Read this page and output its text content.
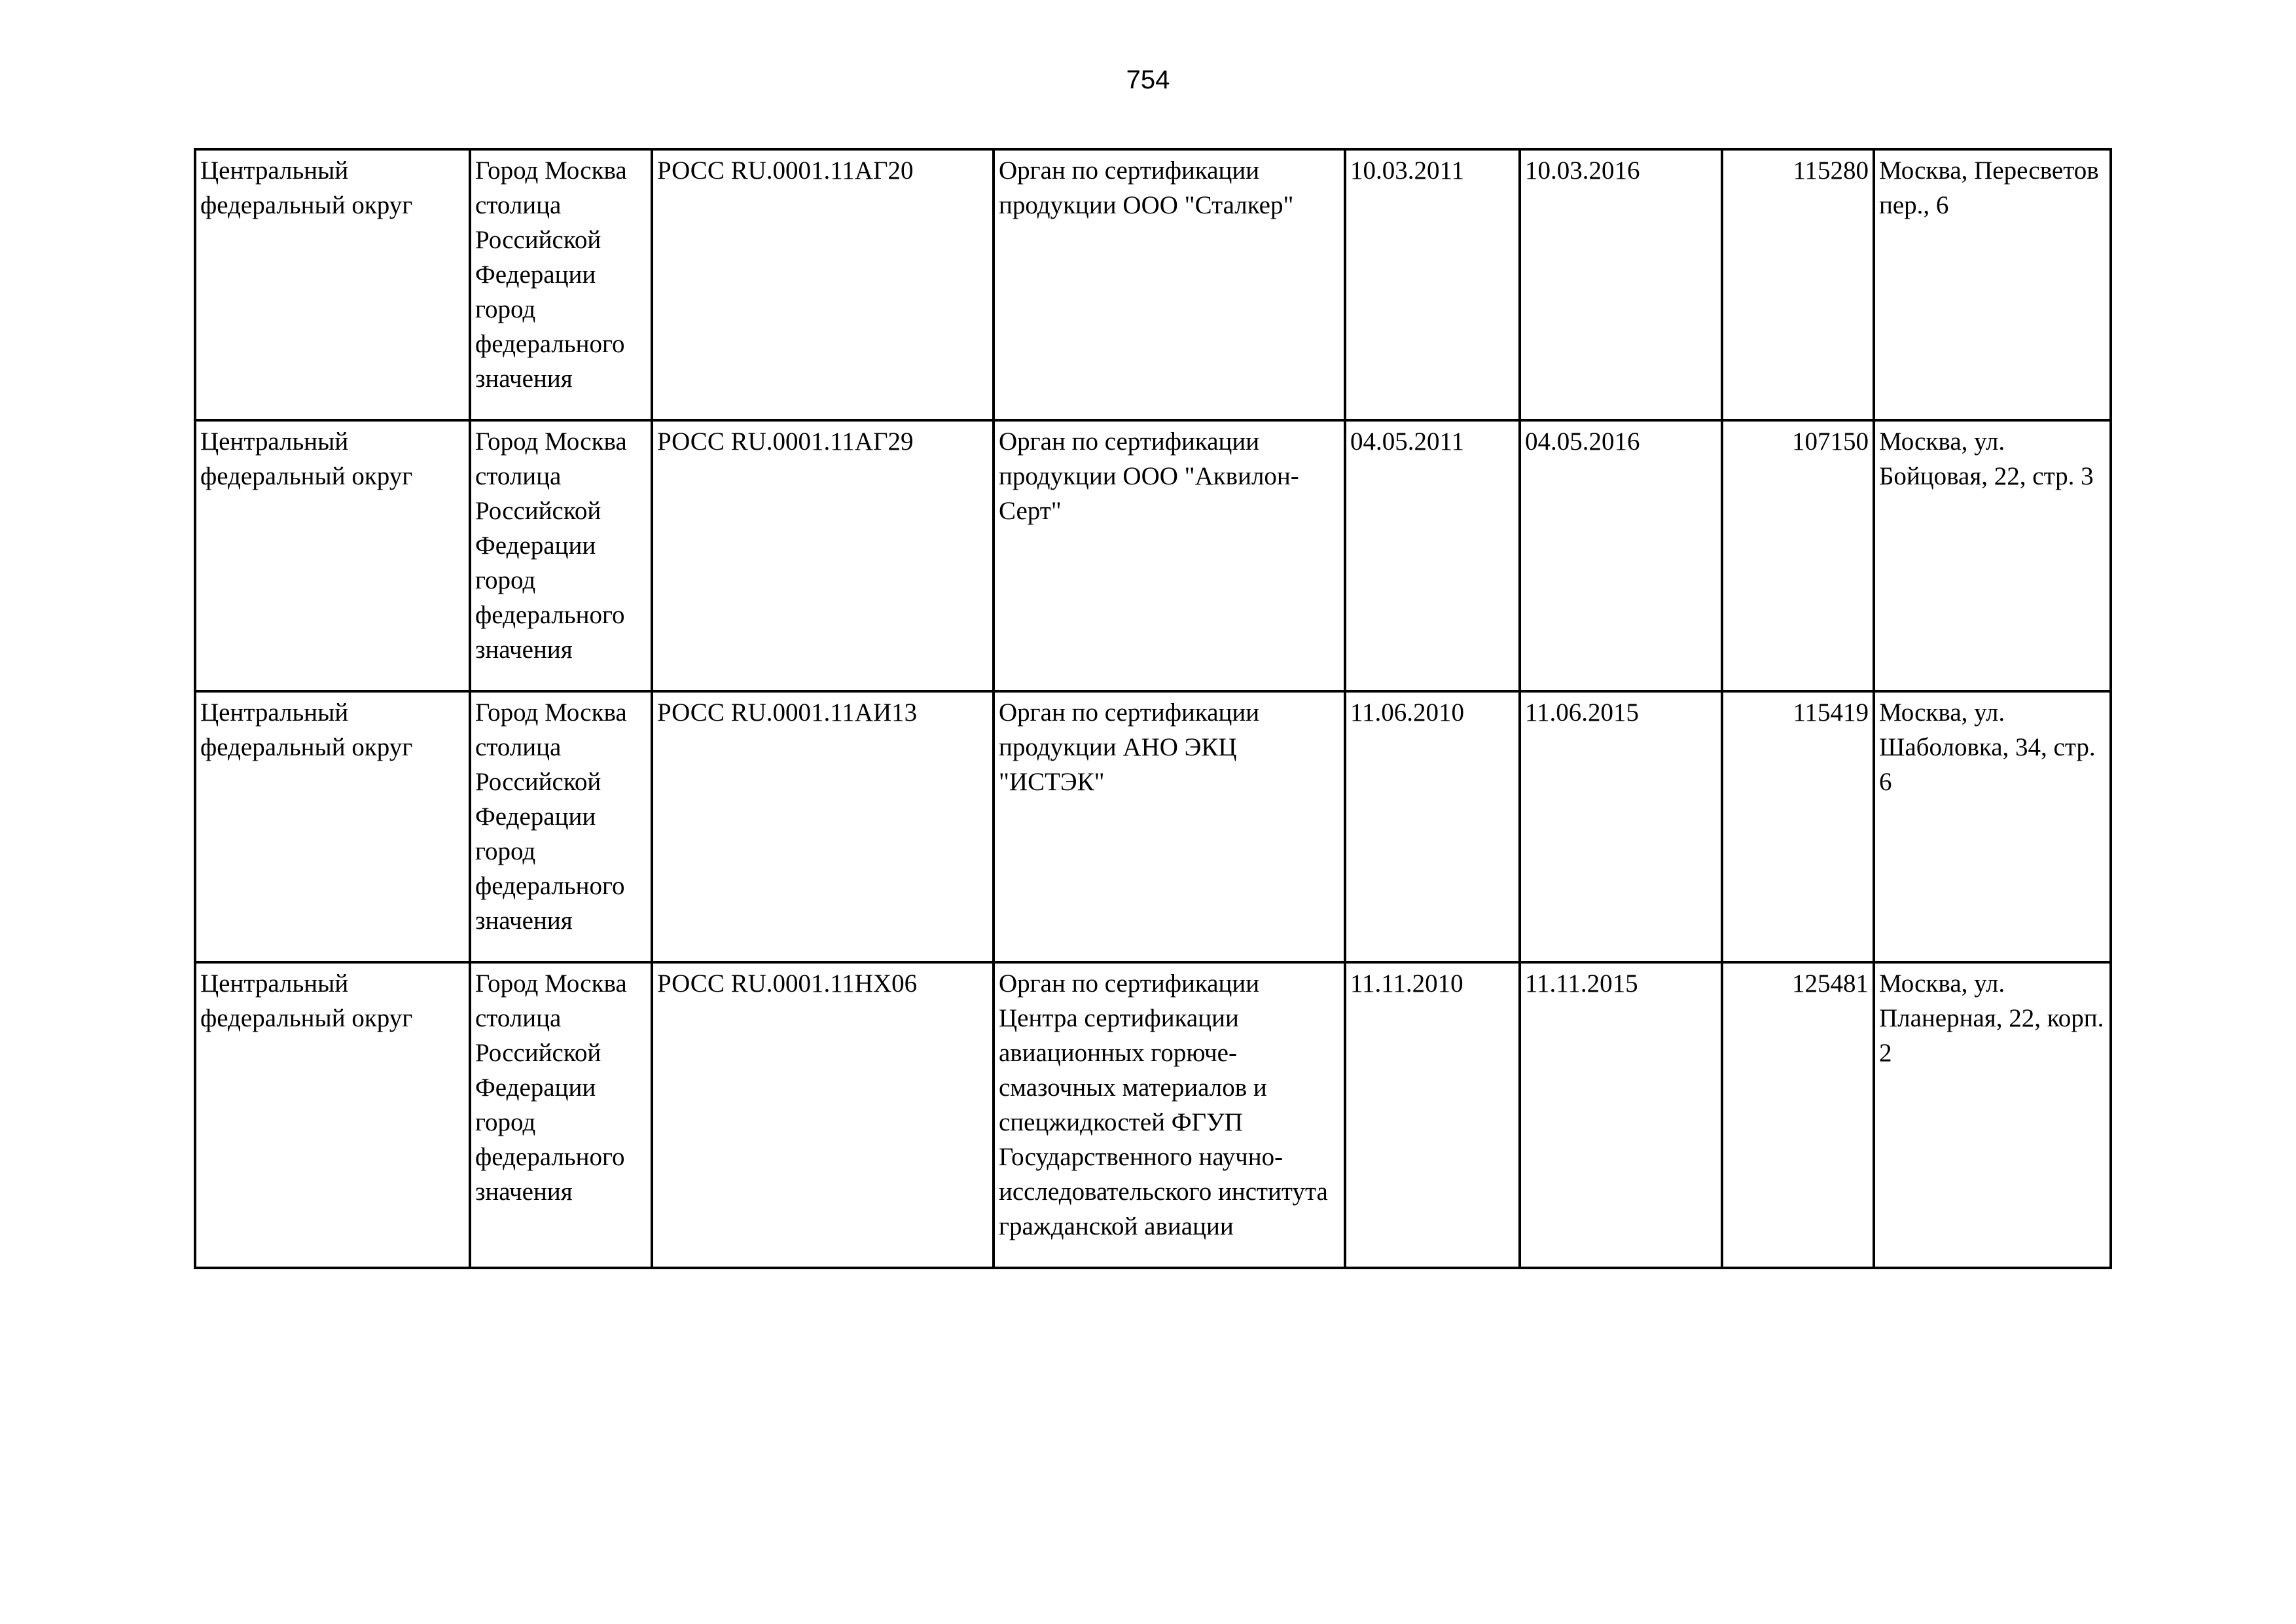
754
Центральный федеральный округ	Город Москва столица Российской Федерации город федерального значения	РОСС RU.0001.11АГ20	Орган по сертификации продукции ООО "Сталкер"	10.03.2011	10.03.2016	115280	Москва, Пересветов пер., 6

Центральный федеральный округ	Город Москва столица Российской Федерации город федерального значения	РОСС RU.0001.11АГ29	Орган по сертификации продукции ООО "Аквилон-Серт"	04.05.2011	04.05.2016	107150	Москва, ул. Бойцовая, 22, стр. 3

Центральный федеральный округ	Город Москва столица Российской Федерации город федерального значения	РОСС RU.0001.11АИ13	Орган по сертификации продукции АНО ЭКЦ "ИСТЭК"	11.06.2010	11.06.2015	115419	Москва, ул. Шаболовка, 34, стр. 6

Центральный федеральный округ	Город Москва столица Российской Федерации город федерального значения	РОСС RU.0001.11НХ06	Орган по сертификации Центра сертификации авиационных горюче-смазочных материалов и спецжидкостей ФГУП Государственного научно-исследовательского института гражданской авиации	11.11.2010	11.11.2015	125481	Москва, ул. Планерная, 22, корп. 2
